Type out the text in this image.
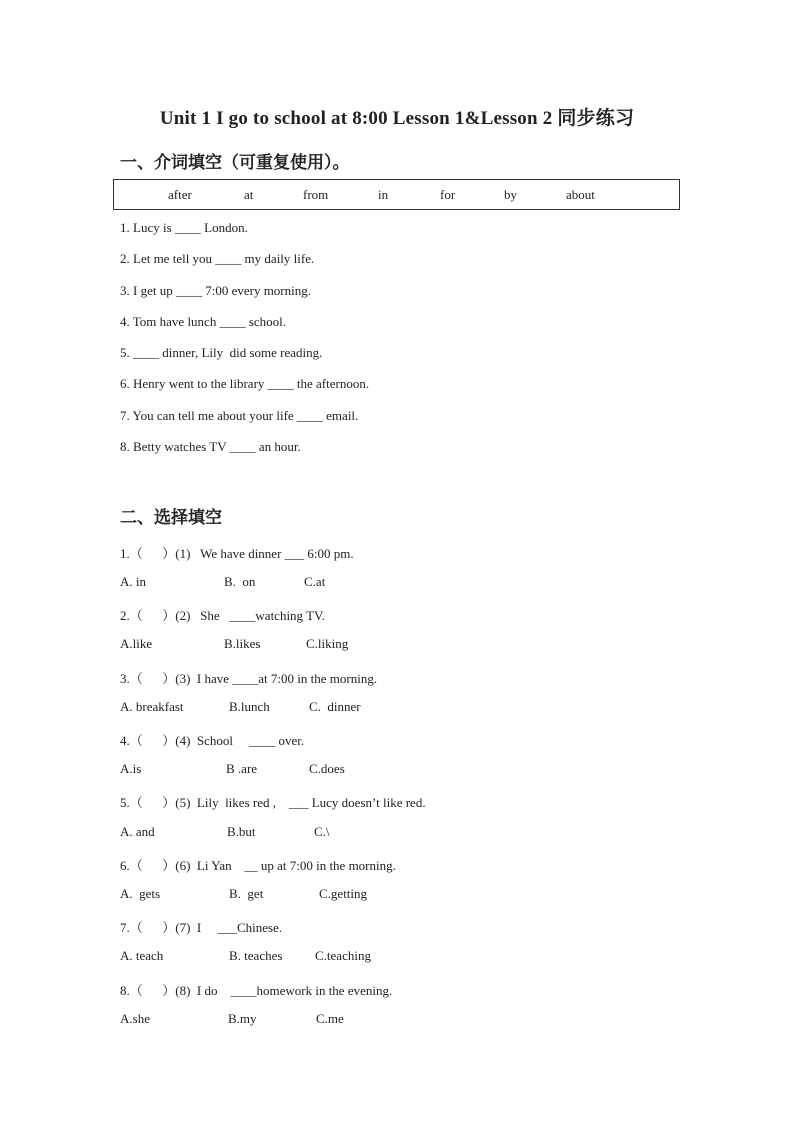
Unit 1 I go to school at 8:00 Lesson 1&Lesson 2 同步练习
一、介词填空（可重复使用）。
after	at	from	in	for	by	about
1. Lucy is ____ London.
2. Let me tell you ____ my daily life.
3. I get up ____ 7:00 every morning.
4. Tom have lunch ____ school.
5. ____ dinner, Lily  did some reading.
6. Henry went to the library ____ the afternoon.
7. You can tell me about your life ____ email.
8. Betty watches TV ____ an hour.
二、选择填空
1.（      ）(1)   We have dinner ___ 6:00 pm.
A. in	B.  on	C.at
2.（      ）(2)   She   ____watching TV.
A.like	B.likes	C.liking
3.（      ）(3)  I have ____at 7:00 in the morning.
A. breakfast	B.lunch	C.  dinner
4.（      ）(4)  School     ____ over.
A.is	B .are	C.does
5.（      ）(5)  Lily  likes red ,    ___ Lucy doesn’t like red.
A. and	B.but	C.\
6.（      ）(6)  Li Yan    __ up at 7:00 in the morning.
A.  gets	B.  get	C.getting
7.（      ）(7)  I     ___Chinese.
A. teach	B. teaches	C.teaching
8.（      ）(8)  I do    ____homework in the evening.
A.she	B.my	C.me
